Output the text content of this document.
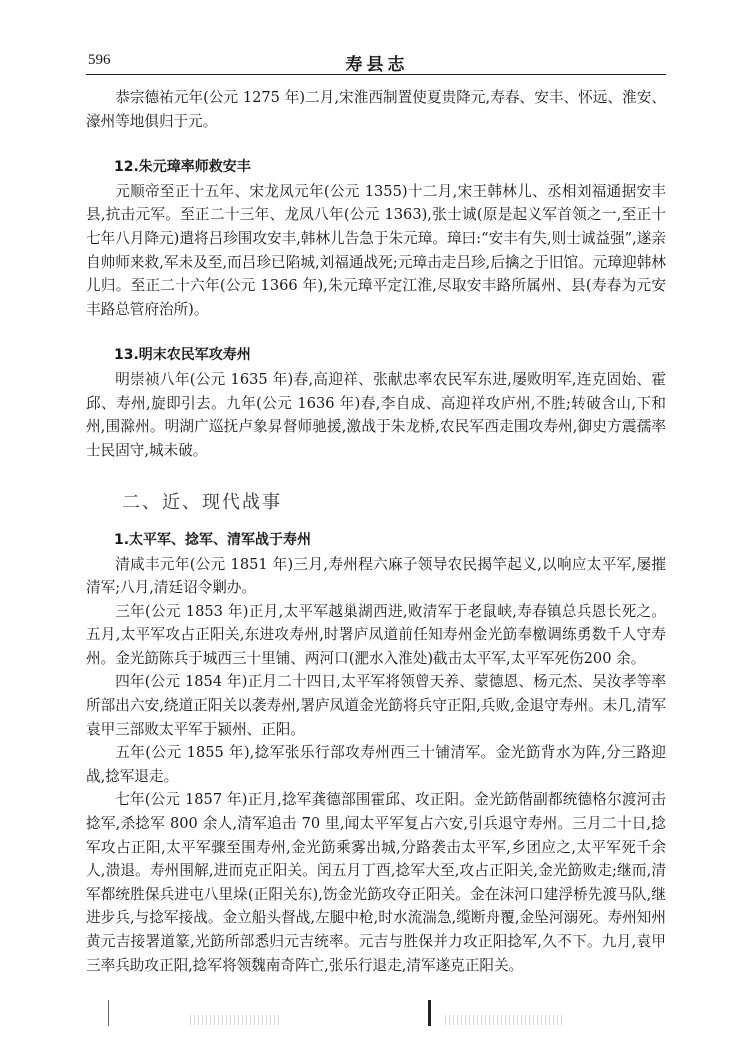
596	寿县志

恭宗德祐元年(公元 1275 年)二月,宋淮西制置使夏贵降元,寿春、安丰、怀远、淮安、濠州等地俱归于元。

12.朱元璋率师救安丰

元顺帝至正十五年、宋龙凤元年(公元 1355)十二月,宋王韩林儿、丞相刘福通据安丰县,抗击元军。至正二十三年、龙凤八年(公元 1363),张士诚(原是起义军首领之一,至正十七年八月降元)遣将吕珍围攻安丰,韩林儿告急于朱元璋。璋曰:“安丰有失,则士诚益强”,遂亲自帅师来救,军未及至,而吕珍已陷城,刘福通战死;元璋击走吕珍,后擒之于旧馆。元璋迎韩林儿归。至正二十六年(公元 1366 年),朱元璋平定江淮,尽取安丰路所属州、县(寿春为元安丰路总管府治所)。

13.明末农民军攻寿州

明崇祯八年(公元 1635 年)春,高迎祥、张献忠率农民军东进,屡败明军,连克固始、霍邱、寿州,旋即引去。九年(公元 1636 年)春,李自成、高迎祥攻庐州,不胜;转破含山,下和州,围滁州。明湖广巡抚卢象昇督师驰援,激战于朱龙桥,农民军西走围攻寿州,御史方震孺率士民固守,城未破。

二、近、现代战事
1.太平军、捻军、清军战于寿州

清咸丰元年(公元 1851 年)三月,寿州程六麻子领导农民揭竿起义,以响应太平军,屡摧清军;八月,清廷诏令剿办。

三年(公元 1853 年)正月,太平军越巢湖西进,败清军于老鼠峡,寿春镇总兵恩长死之。五月,太平军攻占正阳关,东进攻寿州,时署庐凤道前任知寿州金光筯奉檄调练勇数千人守寿州。金光筯陈兵于城西三十里铺、两河口(淝水入淮处)截击太平军,太平军死伤200 余。

四年(公元 1854 年)正月二十四日,太平军将领曾天养、蒙德恩、杨元杰、吴汝孝等率所部出六安,绕道正阳关以袭寿州,署庐凤道金光筯将兵守正阳,兵败,金退守寿州。未几,清军袁甲三部败太平军于颍州、正阳。

五年(公元 1855 年),捻军张乐行部攻寿州西三十铺清军。金光筯背水为阵,分三路迎战,捻军退走。

七年(公元 1857 年)正月,捻军龚德部围霍邱、攻正阳。金光筯偕副都统德格尔渡河击捻军,杀捻军 800 余人,清军追击 70 里,闻太平军复占六安,引兵退守寿州。三月二十日,捻军攻占正阳,太平军骤至围寿州,金光筯乘雾出城,分路袭击太平军,乡团应之,太平军死千余人,溃退。寿州围解,进而克正阳关。闰五月丁酉,捻军大至,攻占正阳关,金光筯败走;继而,清军都统胜保兵进屯八里垛(正阳关东),饬金光筯攻夺正阳关。金在沫河口建浮桥先渡马队,继进步兵,与捻军接战。金立船头督战,左腿中枪,时水流湍急,缆断舟覆,金坠河溺死。寿州知州黄元吉接署道篆,光筯所部悉归元吉统率。元吉与胜保并力攻正阳捻军,久不下。九月,袁甲三率兵助攻正阳,捻军将领魏南奇阵亡,张乐行退走,清军遂克正阳关。
